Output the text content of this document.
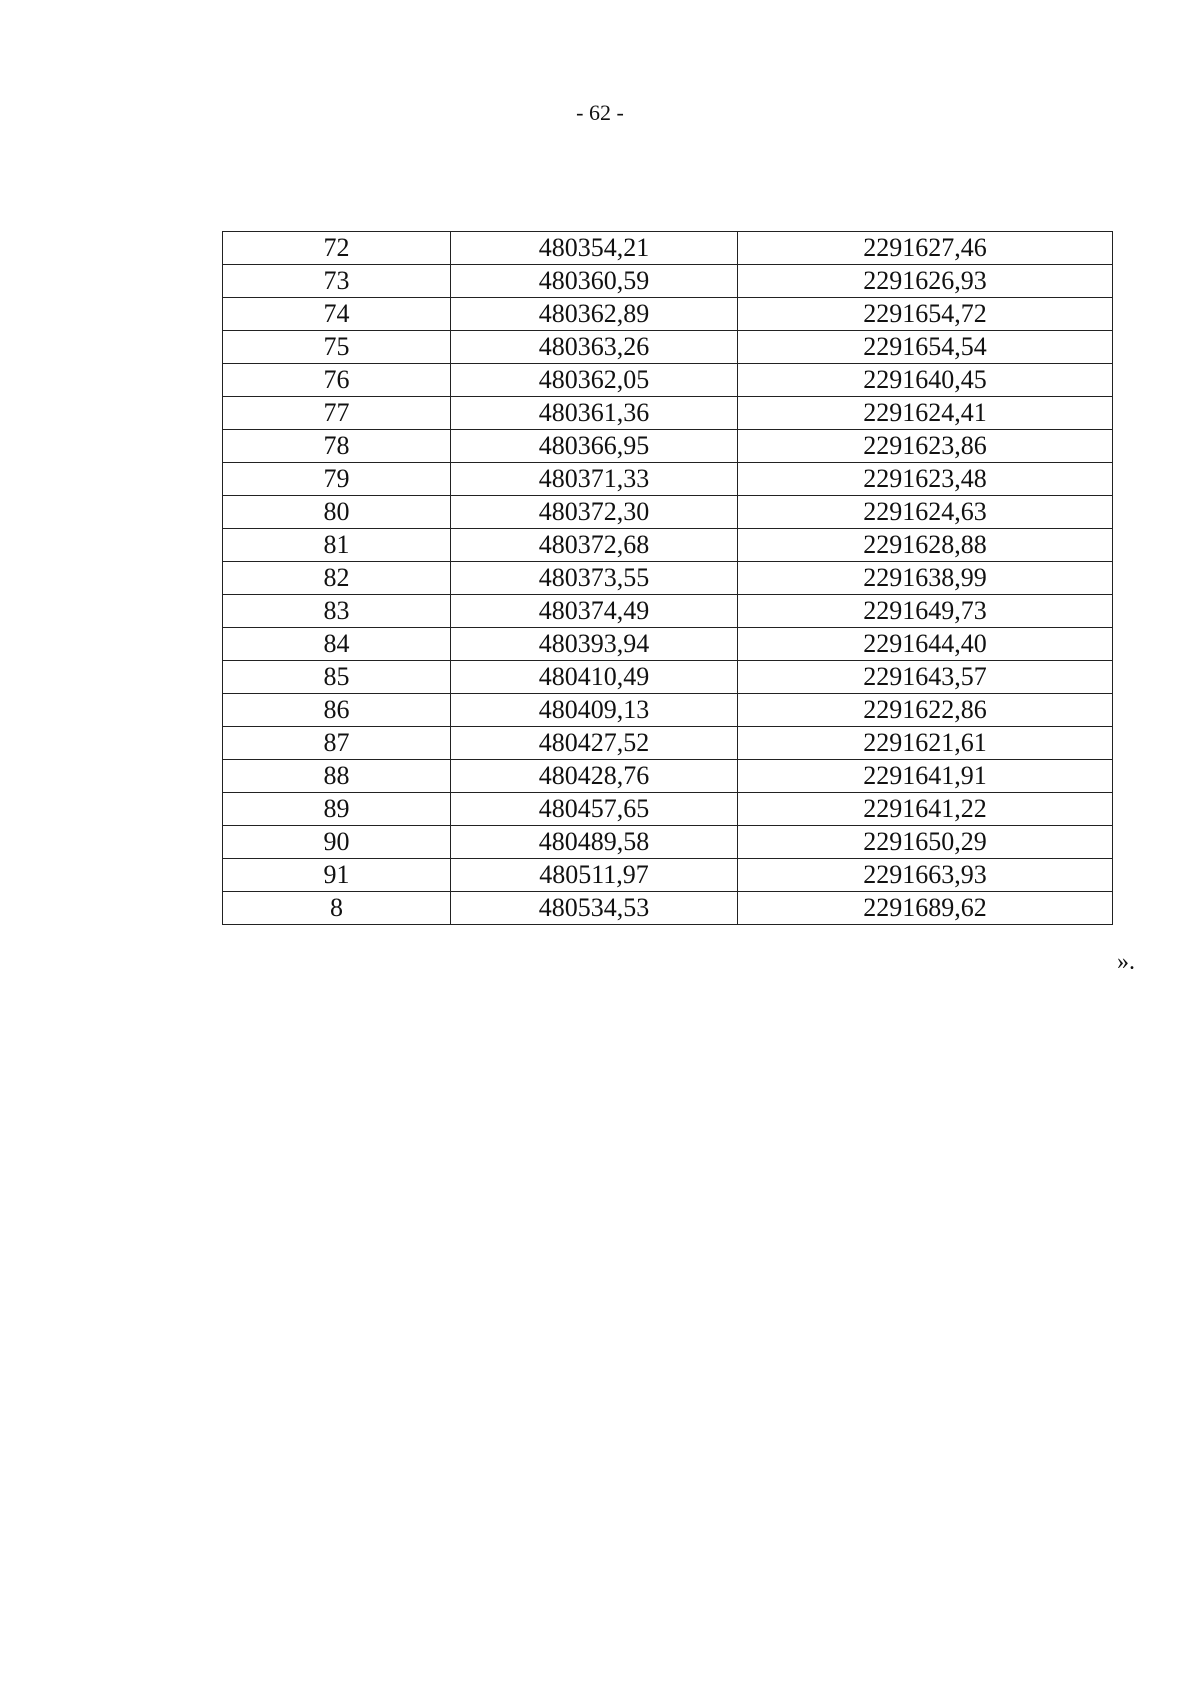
- 62 -
72	480354,21	2291627,46
73	480360,59	2291626,93
74	480362,89	2291654,72
75	480363,26	2291654,54
76	480362,05	2291640,45
77	480361,36	2291624,41
78	480366,95	2291623,86
79	480371,33	2291623,48
80	480372,30	2291624,63
81	480372,68	2291628,88
82	480373,55	2291638,99
83	480374,49	2291649,73
84	480393,94	2291644,40
85	480410,49	2291643,57
86	480409,13	2291622,86
87	480427,52	2291621,61
88	480428,76	2291641,91
89	480457,65	2291641,22
90	480489,58	2291650,29
91	480511,97	2291663,93
8	480534,53	2291689,62
».
